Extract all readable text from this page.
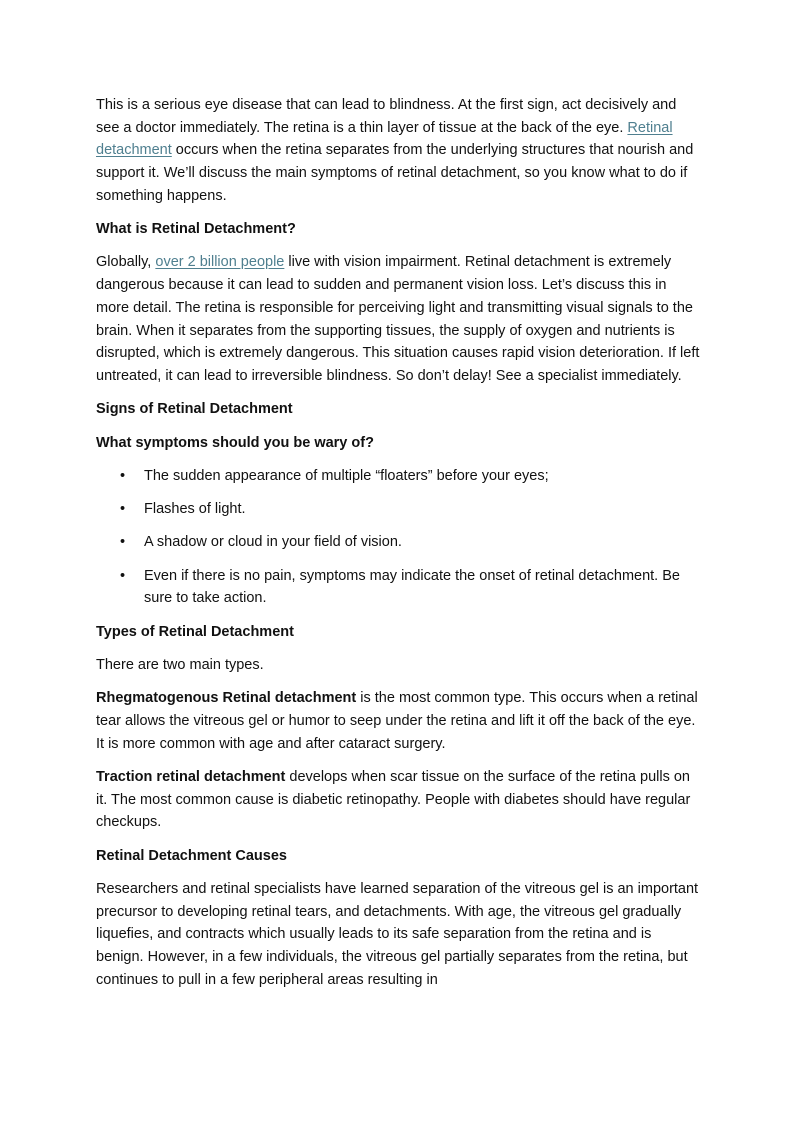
This is a serious eye disease that can lead to blindness. At the first sign, act decisively and see a doctor immediately. The retina is a thin layer of tissue at the back of the eye. Retinal detachment occurs when the retina separates from the underlying structures that nourish and support it. We’ll discuss the main symptoms of retinal detachment, so you know what to do if something happens.

What is Retinal Detachment?

Globally, over 2 billion people live with vision impairment. Retinal detachment is extremely dangerous because it can lead to sudden and permanent vision loss. Let’s discuss this in more detail. The retina is responsible for perceiving light and transmitting visual signals to the brain. When it separates from the supporting tissues, the supply of oxygen and nutrients is disrupted, which is extremely dangerous. This situation causes rapid vision deterioration. If left untreated, it can lead to irreversible blindness. So don’t delay! See a specialist immediately.

Signs of Retinal Detachment

What symptoms should you be wary of?

• The sudden appearance of multiple “floaters” before your eyes;
• Flashes of light.
• A shadow or cloud in your field of vision.
• Even if there is no pain, symptoms may indicate the onset of retinal detachment. Be sure to take action.

Types of Retinal Detachment

There are two main types.

Rhegmatogenous Retinal detachment is the most common type. This occurs when a retinal tear allows the vitreous gel or humor to seep under the retina and lift it off the back of the eye. It is more common with age and after cataract surgery.

Traction retinal detachment develops when scar tissue on the surface of the retina pulls on it. The most common cause is diabetic retinopathy. People with diabetes should have regular checkups.

Retinal Detachment Causes

Researchers and retinal specialists have learned separation of the vitreous gel is an important precursor to developing retinal tears, and detachments. With age, the vitreous gel gradually liquefies, and contracts which usually leads to its safe separation from the retina and is benign. However, in a few individuals, the vitreous gel partially separates from the retina, but continues to pull in a few peripheral areas resulting in
